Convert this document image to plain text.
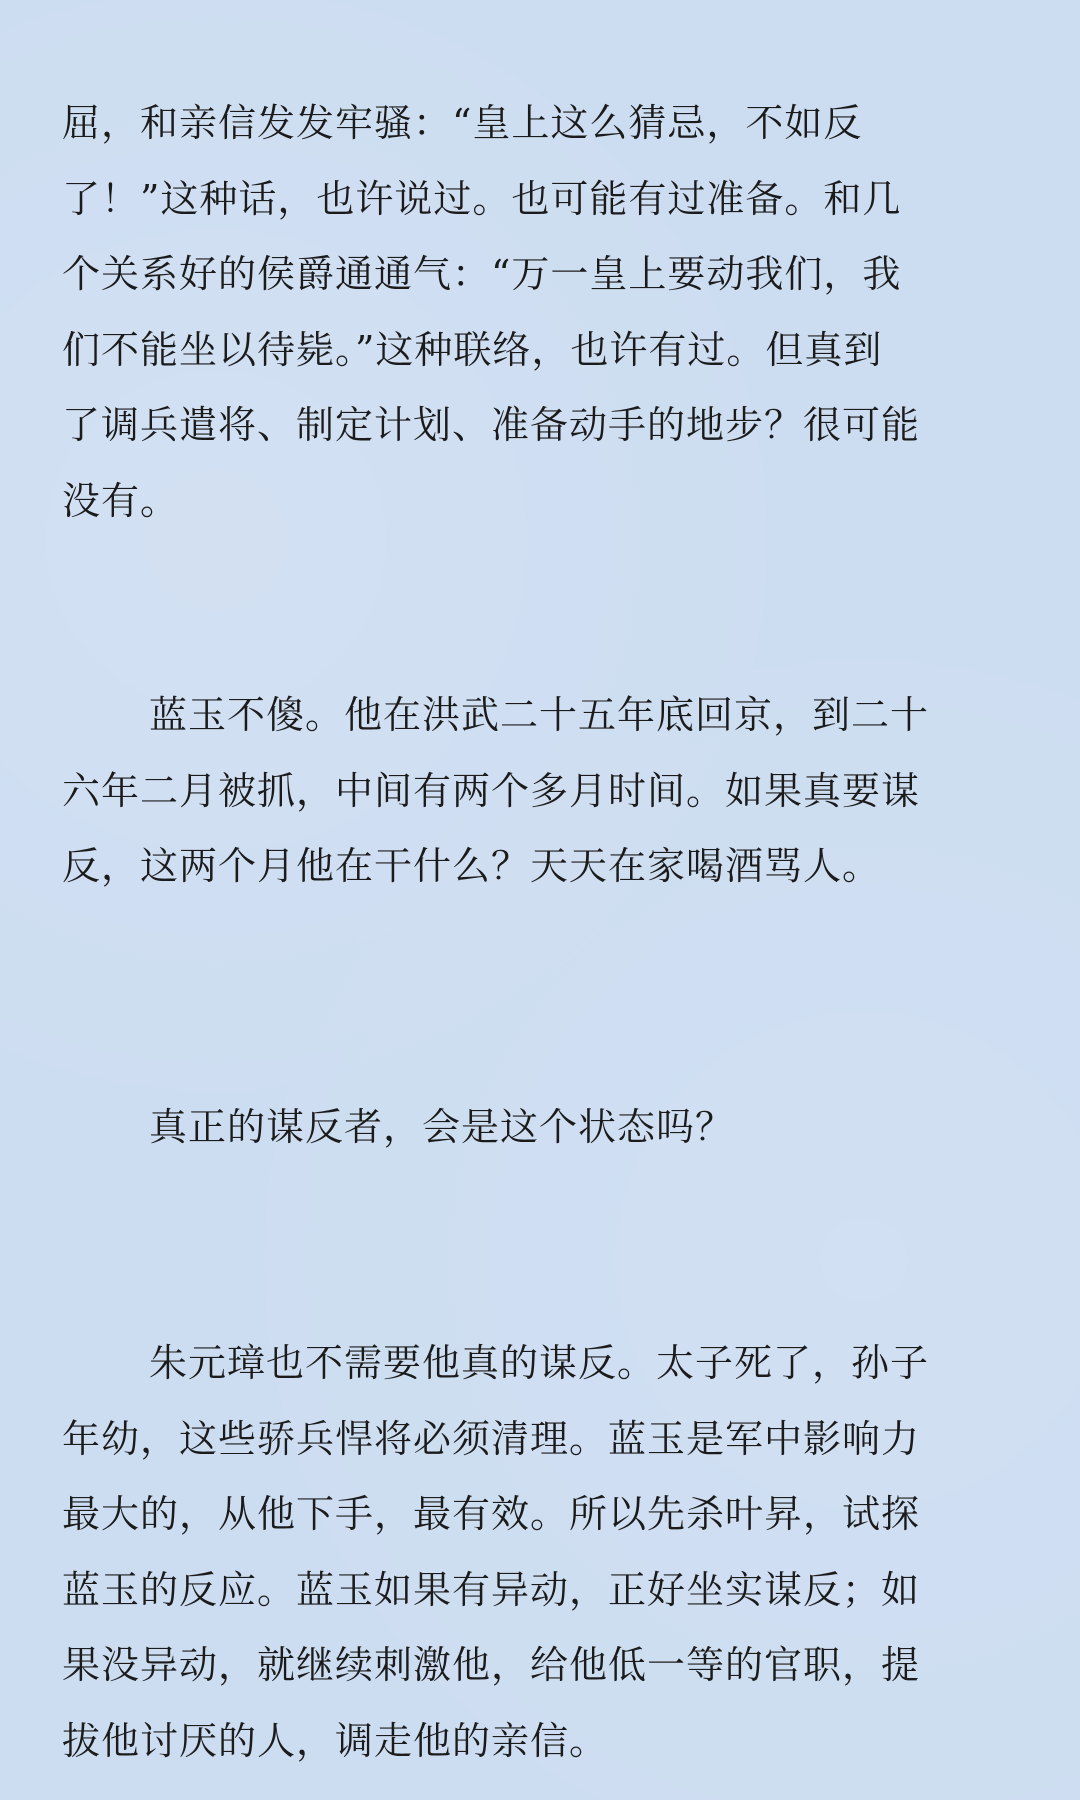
屈，和亲信发发牢骚：“皇上这么猜忌，不如反
了！”这种话，也许说过。也可能有过准备。和几
个关系好的侯爵通通气：“万一皇上要动我们，我
们不能坐以待毙。”这种联络，也许有过。但真到
了调兵遣将、制定计划、准备动手的地步？很可能
没有。

蓝玉不傻。他在洪武二十五年底回京，到二十
六年二月被抓，中间有两个多月时间。如果真要谋
反，这两个月他在干什么？天天在家喝酒骂人。

真正的谋反者，会是这个状态吗？

朱元璋也不需要他真的谋反。太子死了，孙子
年幼，这些骄兵悍将必须清理。蓝玉是军中影响力
最大的，从他下手，最有效。所以先杀叶昇，试探
蓝玉的反应。蓝玉如果有异动，正好坐实谋反；如
果没异动，就继续刺激他，给他低一等的官职，提
拔他讨厌的人，调走他的亲信。
